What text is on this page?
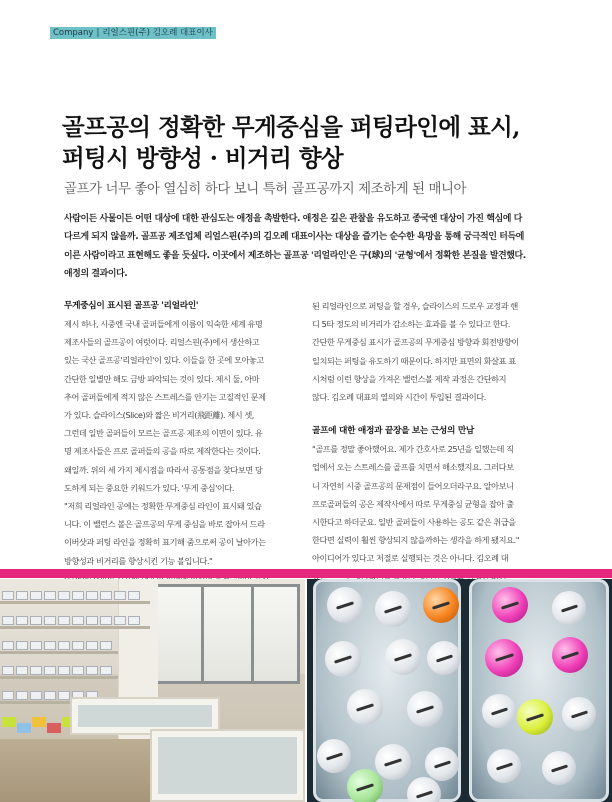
Company | 리얼스핀(주) 김오례 대표이사
골프공의 정확한 무게중심을 퍼팅라인에 표시,
퍼팅시 방향성 · 비거리 향상
골프가 너무 좋아 열심히 하다 보니 특허 골프공까지 제조하게 된 매니아
사람이든 사물이든 어떤 대상에 대한 관심도는 애정을 촉발한다. 애정은 깊은 관찰을 유도하고 종국엔 대상이 가진 핵심에 다
다르게 되지 않을까. 골프공 제조업체 리얼스핀(주)의 김오례 대표이사는 대상을 즐기는 순수한 욕망을 통해 궁극적인 터득에
이른 사람이라고 표현해도 좋을 듯싶다. 이곳에서 제조하는 골프공 '리얼라인'은 구(球)의 '균형'에서 정확한 본질을 발견했다.
애정의 결과이다.
무게중심이 표시된 골프공 '리얼라인'

제시 하나, 시중엔 국내 골퍼들에게 이름이 익숙한 세계 유명

제조사들의 골프공이 여럿이다. 리얼스핀(주)에서 생산하고

있는 국산 골프공'리얼라인'이 있다. 이들을 한 곳에 모아놓고

간단한 일별만 해도 금방 파악되는 것이 있다. 제시 둘, 아마

추어 골퍼들에게 적지 않은 스트레스를 안기는 고질적인 문제

가 있다. 슬라이스(Slice)와 짧은 비거리(飛距離). 제시 셋,

그런데 일반 골퍼들이 모르는 골프공 제조의 이면이 있다. 유

명 제조사들은 프로 골퍼들의 공을 따로 제작한다는 것이다.

왜일까. 위의 세 가지 제시점을 따라서 공통점을 찾다보면 당

도하게 되는 중요한 키워드가 있다. '무게 중심'이다.

"저희 리얼라인 공에는 정확한 무게중심 라인이 표시돼 있습

니다. 이 밸런스 볼은 골프공의 무게 중심을 바로 잡아서 드라

이버샷과 퍼팅 라인을 정확히 표기해 줌으로써 공이 날아가는

방향성과 비거리를 향상시킨 기능 볼입니다."

된 리얼라인으로 퍼팅을 할 경우, 슬라이스의 드로우 교정과 핸

디 5타 정도의 비거리가 감소하는 효과를 볼 수 있다고 한다.

간단한 무게중심 표시가 골프공의 무게중심 방향과 회전방향이

일치되는 퍼팅을 유도하기 때문이다. 하지만 표면의 화살표 표

시처럼 이런 향상을 가져온 밸런스볼 제작 과정은 간단하지

않다. 김오례 대표의 열의와 시간이 투입된 결과이다.

골프에 대한 애정과 끝장을 보는 근성의 만남

"골프를 정말 좋아했어요. 제가 간호사로 25년을 일했는데 직

업에서 오는 스트레스를 골프를 치면서 해소했지요. 그러다보

니 자연히 시중 골프공의 문제점이 들어오더라구요. 알아보니

프로골퍼들의 공은 제작사에서 따로 무게중심 균형을 잡아 출

시한다고 하더군요. 일반 골퍼들이 사용하는 공도 같은 취급을

한다면 실력이 훨씬 향상되지 않을까하는 생각을 하게 됐지요."

아이디어가 있다고 저절로 실행되는 것은 아니다. 김오례 대
